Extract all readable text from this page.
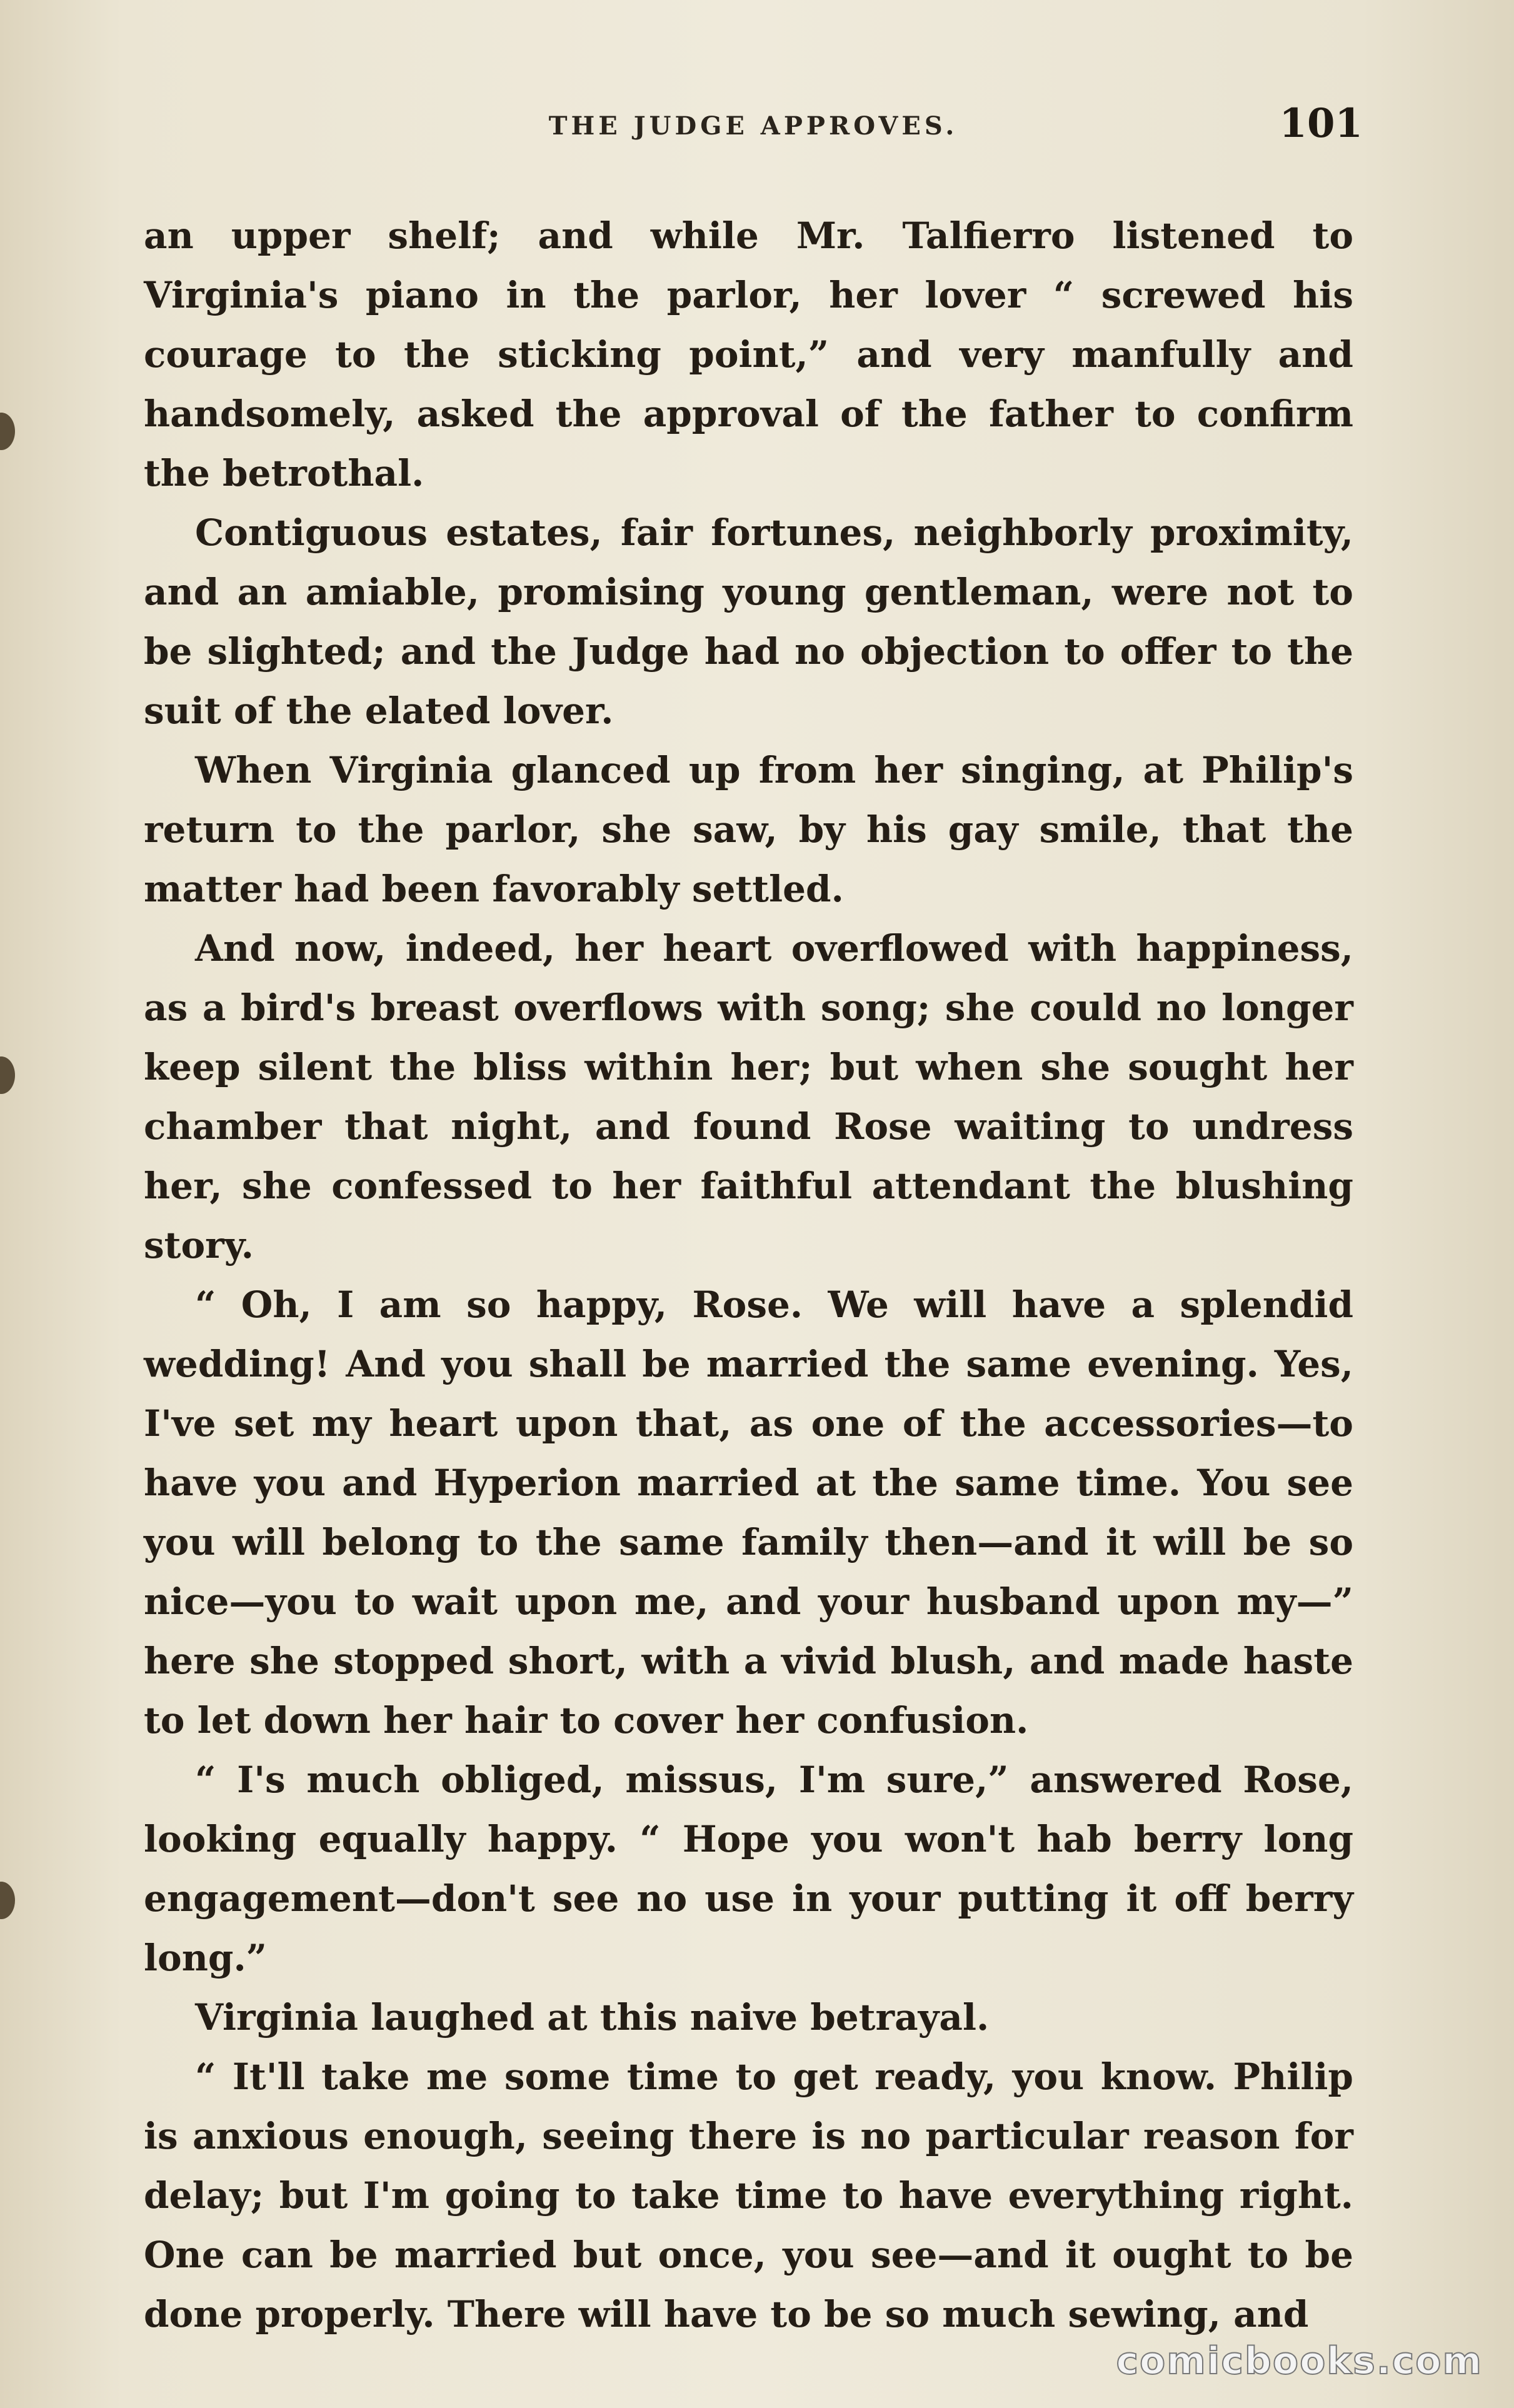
THE JUDGE APPROVES.	101

an upper shelf; and while Mr. Talfierro listened to Virginia's piano in the parlor, her lover “ screwed his courage to the sticking point,” and very manfully and handsomely, asked the approval of the father to confirm the betrothal.

Contiguous estates, fair fortunes, neighborly proximity, and an amiable, promising young gentleman, were not to be slighted; and the Judge had no objection to offer to the suit of the elated lover.

When Virginia glanced up from her singing, at Philip's return to the parlor, she saw, by his gay smile, that the matter had been favorably settled.

And now, indeed, her heart overflowed with happiness, as a bird's breast overflows with song; she could no longer keep silent the bliss within her; but when she sought her chamber that night, and found Rose waiting to undress her, she confessed to her faithful attendant the blushing story.

“ Oh, I am so happy, Rose. We will have a splendid wedding! And you shall be married the same evening. Yes, I've set my heart upon that, as one of the accessories—to have you and Hyperion married at the same time. You see you will belong to the same family then—and it will be so nice—you to wait upon me, and your husband upon my—” here she stopped short, with a vivid blush, and made haste to let down her hair to cover her confusion.

“ I's much obliged, missus, I'm sure,” answered Rose, looking equally happy. “ Hope you won't hab berry long engagement—don't see no use in your putting it off berry long.”

Virginia laughed at this naive betrayal.

“ It'll take me some time to get ready, you know. Philip is anxious enough, seeing there is no particular reason for delay; but I'm going to take time to have everything right. One can be married but once, you see—and it ought to be done properly. There will have to be so much sewing, and

comicbooks.com
